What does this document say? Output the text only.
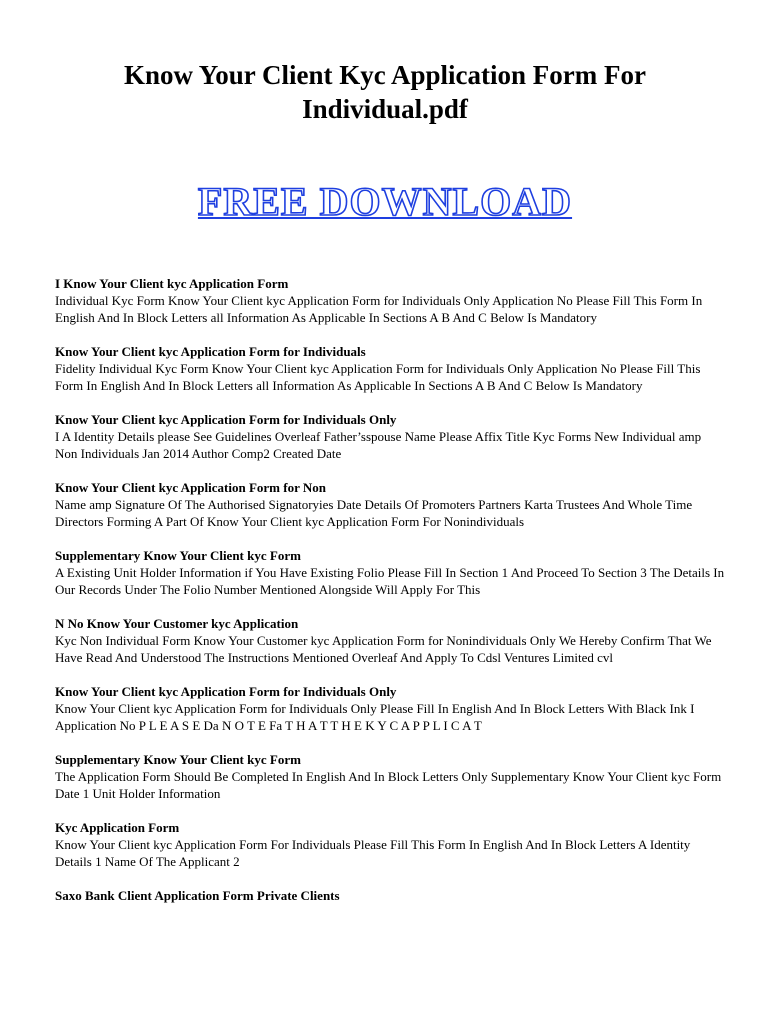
Know Your Client Kyc Application Form For Individual.pdf
FREE DOWNLOAD

I Know Your Client kyc Application Form

Individual Kyc Form Know Your Client kyc Application Form for Individuals Only Application No Please Fill This Form In English And In Block Letters all Information As Applicable In Sections A B And C Below Is Mandatory

Know Your Client kyc Application Form for Individuals

Fidelity Individual Kyc Form Know Your Client kyc Application Form for Individuals Only Application No Please Fill This Form In English And In Block Letters all Information As Applicable In Sections A B And C Below Is Mandatory

Know Your Client kyc Application Form for Individuals Only

I A Identity Details please See Guidelines Overleaf Father’sspouse Name Please Affix Title Kyc Forms New Individual amp Non Individuals Jan 2014 Author Comp2 Created Date

Know Your Client kyc Application Form for Non

Name amp Signature Of The Authorised Signatoryies Date Details Of Promoters Partners Karta Trustees And Whole Time Directors Forming A Part Of Know Your Client kyc Application Form For Nonindividuals

Supplementary Know Your Client kyc Form

A Existing Unit Holder Information if You Have Existing Folio Please Fill In Section 1 And Proceed To Section 3 The Details In Our Records Under The Folio Number Mentioned Alongside Will Apply For This

N No Know Your Customer kyc Application

Kyc Non Individual Form Know Your Customer kyc Application Form for Nonindividuals Only We Hereby Confirm That We Have Read And Understood The Instructions Mentioned Overleaf And Apply To Cdsl Ventures Limited cvl

Know Your Client kyc Application Form for Individuals Only

Know Your Client kyc Application Form for Individuals Only Please Fill In English And In Block Letters With Black Ink I Application No P L E A S E Da N O T E Fa T H A T T H E K Y C A P P L I C A T

Supplementary Know Your Client kyc Form

The Application Form Should Be Completed In English And In Block Letters Only Supplementary Know Your Client kyc Form Date 1 Unit Holder Information

Kyc Application Form

Know Your Client kyc Application Form For Individuals Please Fill This Form In English And In Block Letters A Identity Details 1 Name Of The Applicant 2

Saxo Bank Client Application Form Private Clients
